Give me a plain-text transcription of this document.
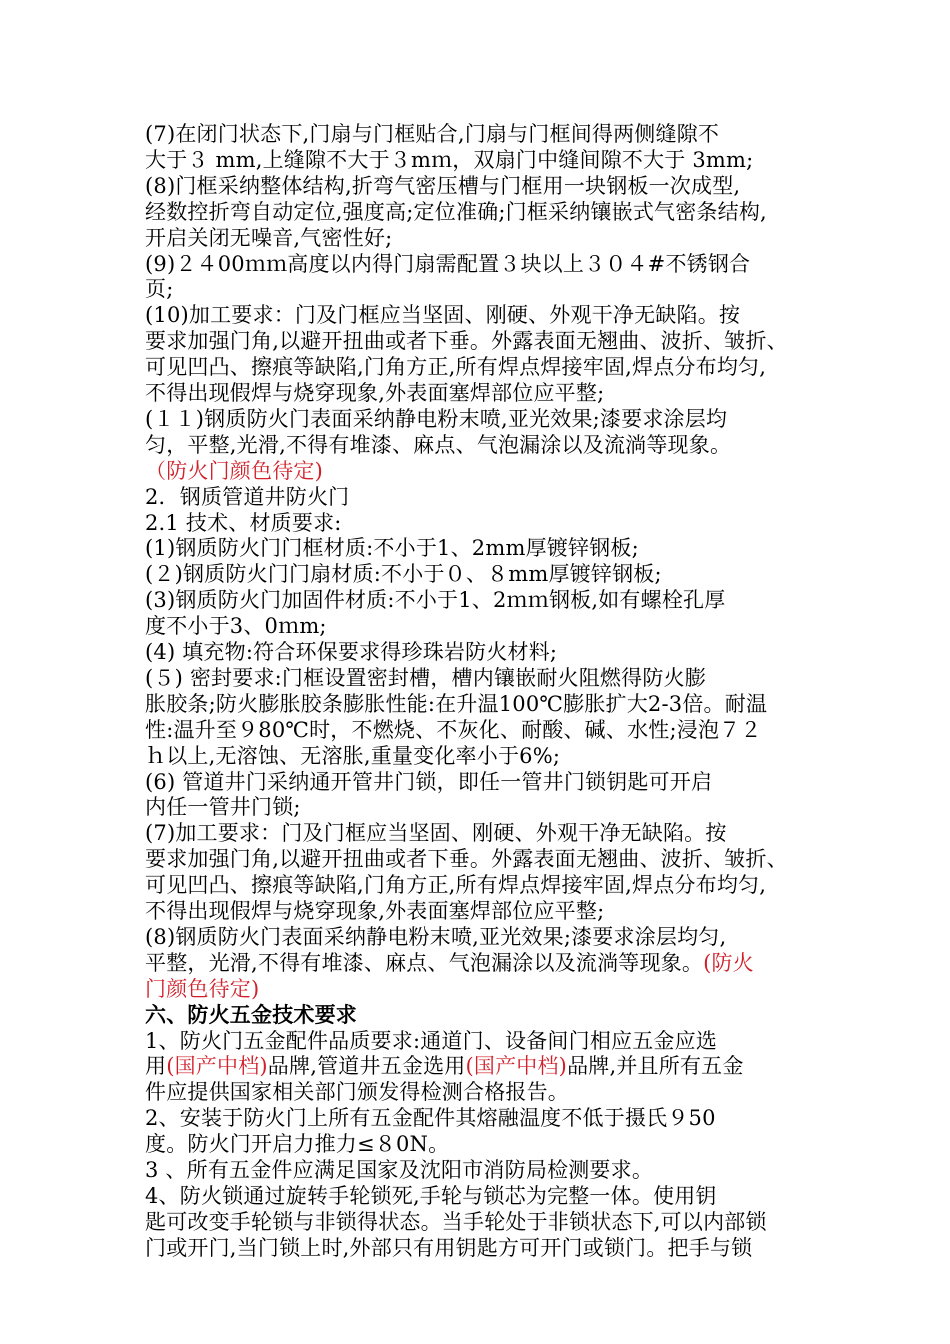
(7)在闭门状态下,门扇与门框贴合,门扇与门框间得两侧缝隙不
大于３ mm,上缝隙不大于３mｍ，双扇门中缝间隙不大于 3mm;
(8)门框采纳整体结构,折弯气密压槽与门框用一块钢板一次成型,
经数控折弯自动定位,强度高;定位准确;门框采纳镶嵌式气密条结构,
开启关闭无噪音,气密性好;
(9)２４00ｍｍ高度以内得门扇需配置３块以上３０４#不锈钢合
页;
(10)加工要求：门及门框应当坚固、刚硬、外观干净无缺陷。按
要求加强门角,以避开扭曲或者下垂。外露表面无翘曲、波折、皱折、
可见凹凸、擦痕等缺陷,门角方正,所有焊点焊接牢固,焊点分布均匀,
不得出现假焊与烧穿现象,外表面塞焊部位应平整;
(１１)钢质防火门表面采纳静电粉末喷,亚光效果;漆要求涂层均
匀，平整,光滑,不得有堆漆、麻点、气泡漏涂以及流淌等现象。
（防火门颜色待定)
2．钢质管道井防火门
2.1 技术、材质要求:
(1)钢质防火门门框材质:不小于1、2mm厚镀锌钢板;
(２)钢质防火门门扇材质:不小于０、８mm厚镀锌钢板;
(3)钢质防火门加固件材质:不小于1、2ｍｍ钢板,如有螺栓孔厚
度不小于3、0ｍm;
(4) 填充物:符合环保要求得珍珠岩防火材料;
(５) 密封要求:门框设置密封槽，槽内镶嵌耐火阻燃得防火膨
胀胶条;防火膨胀胶条膨胀性能:在升温100℃膨胀扩大2-3倍。耐温
性:温升至９80℃时，不燃烧、不灰化、耐酸、碱、水性;浸泡７２
ｈ以上,无溶蚀、无溶胀,重量变化率小于6%;
(6) 管道井门采纳通开管井门锁，即任一管井门锁钥匙可开启
内任一管井门锁;
(7)加工要求：门及门框应当坚固、刚硬、外观干净无缺陷。按
要求加强门角,以避开扭曲或者下垂。外露表面无翘曲、波折、皱折、
可见凹凸、擦痕等缺陷,门角方正,所有焊点焊接牢固,焊点分布均匀,
不得出现假焊与烧穿现象,外表面塞焊部位应平整;
(8)钢质防火门表面采纳静电粉末喷,亚光效果;漆要求涂层均匀,
平整，光滑,不得有堆漆、麻点、气泡漏涂以及流淌等现象。(防火
门颜色待定)
六、防火五金技术要求
1、防火门五金配件品质要求:通道门、设备间门相应五金应选
用(国产中档)品牌,管道井五金选用(国产中档)品牌,并且所有五金
件应提供国家相关部门颁发得检测合格报告。
2、安装于防火门上所有五金配件其熔融温度不低于摄氏９50
度。防火门开启力推力≤８0N。
3 、所有五金件应满足国家及沈阳市消防局检测要求。
4、防火锁通过旋转手轮锁死,手轮与锁芯为完整一体。使用钥
匙可改变手轮锁与非锁得状态。当手轮处于非锁状态下,可以内部锁
门或开门,当门锁上时,外部只有用钥匙方可开门或锁门。把手与锁
